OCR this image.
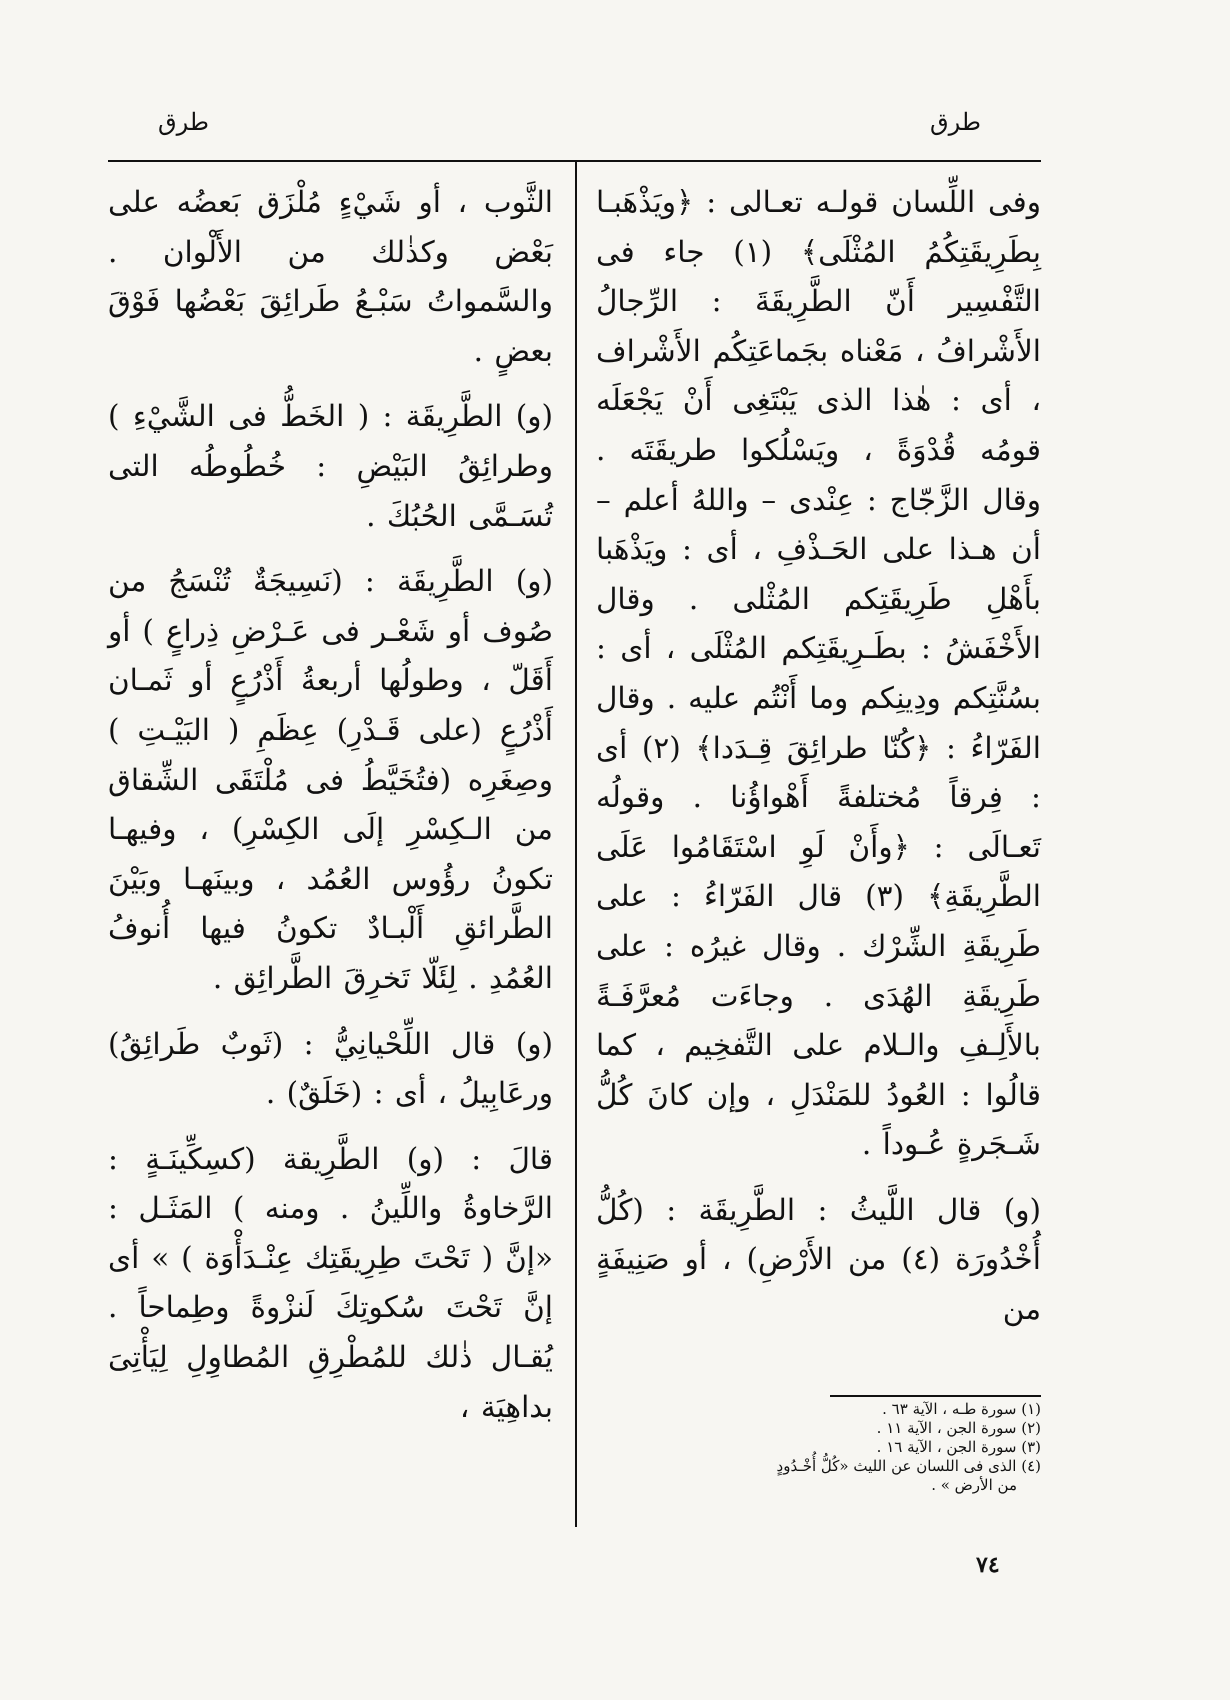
طرق
طرق

وفى اللِّسان قولـه تعـالى : ﴿ويَذْهَبـا بِطَرِيقَتِكُمُ المُثْلَى﴾ (١) جاء فى التَّفْسِير أَنّ الطَّرِيقَةَ : الرِّجالُ الأَشْرافُ ، مَعْناه بجَماعَتِكُم الأَشْراف ، أى : هٰذا الذى يَبْتَغِى أَنْ يَجْعَلَه قومُه قُدْوَةً ، ويَسْلُكوا طريقَتَه . وقال الزَّجّاج : عِنْدى – واللهُ أعلم – أن هـذا على الحَـذْفِ ، أى : ويَذْهَبا بأَهْلِ طَرِيقَتِكم المُثْلى . وقال الأَخْفَشُ : بطَـرِيقَتِكم المُثْلَى ، أى : بسُنَّتِكم ودِينِكم وما أَنْتُم عليه . وقال الفَرّاءُ : ﴿كُنّا طرائِقَ قِـدَدا﴾ (٢) أى : فِرقاً مُختلفةً أَهْواؤُنا . وقولُه تَعـالَى : ﴿وأَنْ لَوِ اسْتَقَامُوا عَلَى الطَّرِيقَةِ﴾ (٣) قال الفَرّاءُ : على طَرِيقَةِ الشِّرْك . وقال غيرُه : على طَرِيقَةِ الهُدَى . وجاءَت مُعرَّفَـةً بالأَلِـفِ والـلام على التَّفخِيم ، كما قالُوا : العُودُ للمَنْدَلِ ، وإن كانَ كُلُّ شَـجَرةٍ عُـوداً .

(و) قال اللَّيثُ : الطَّرِيقَة : (كُلُّ أُخْدُورَة (٤) من الأَرْضِ) ، أو صَنِيفَةٍ من

الثَّوب ، أو شَيْءٍ مُلْزَق بَعضُه على بَعْض وكذٰلك من الأَلْوان . والسَّمواتُ سَبْـعُ طَرائِقَ بَعْضُها فَوْقَ بعضٍ .

(و) الطَّرِيقَة : ( الخَطُّ فى الشَّيْءِ ) وطرائِقُ البَيْضِ : خُطُوطُه التى تُسَـمَّى الحُبُكَ .

(و) الطَّرِيقَة : (نَسِيجَةٌ تُنْسَجُ من صُوف أو شَعْـر فى عَـرْضِ ذِراعٍ ) أو أَقَلّ ، وطولُها أربعةُ أَذْرُعٍ أو ثَمـان أَذْرُعٍ (على قَـدْرِ) عِظَمِ ( البَيْـتِ ) وصِغَرِه (فتُخَيَّطُ فى مُلْتَقَى الشِّقاق من الـكِسْرِ إلَى الكِسْرِ) ، وفيهـا تكونُ رؤُوس العُمُد ، وبينَهـا وبَيْنَ الطَّرائقِ أَلْبـادٌ تكونُ فيها أُنوفُ العُمُدِ . لِئَلّا تَخرِقَ الطَّرائِق .

(و) قال اللِّحْيانِيُّ : (ثَوبٌ طَرائِقُ) ورعَابِيلُ ، أى : (خَلَقٌ) .

قالَ : (و) الطَّرِيقة (كسِكِّينَـةٍ : الرَّخاوةُ واللِّينُ . ومنه ) المَثَـل : «إنَّ ( تَحْتَ طِرِيقَتِك عِنْـدَأْوَة ) » أى إنَّ تَحْتَ سُكوتِكَ لَنزْوةً وطِماحاً . يُقـال ذٰلك للمُطْرِقِ المُطاوِلِ لِيَأْتِىَ بداهِيَة ،	(١) سورة طـه ، الآية ٦٣ .
(٢) سورة الجن ، الآية ١١ .
(٣) سورة الجن ، الآية ١٦ .
(٤) الذى فى اللسان عن الليث «كُلُّ أُخْـدُودٍ
من الأرض » .
٧٤
